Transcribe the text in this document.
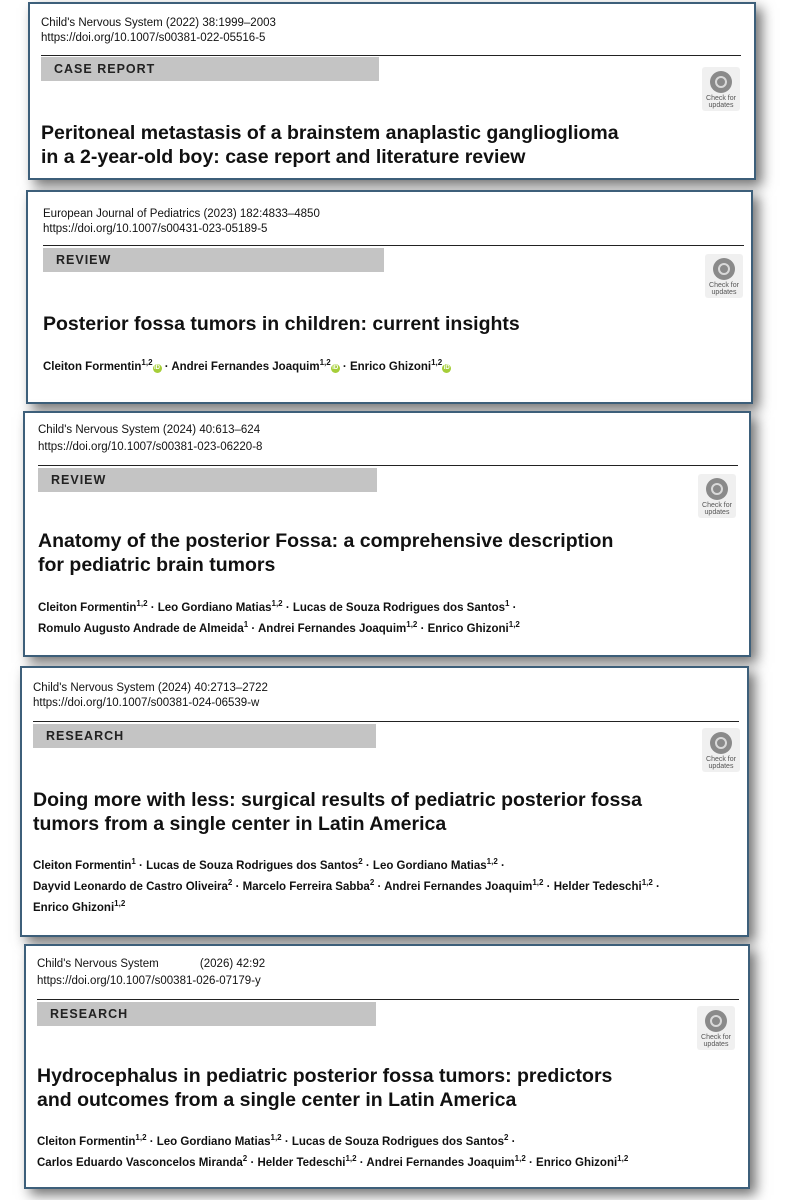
Child's Nervous System (2022) 38:1999–2003
https://doi.org/10.1007/s00381-022-05516-5
CASE REPORT
Check for updates
Peritoneal metastasis of a brainstem anaplastic ganglioglioma
in a 2-year-old boy: case report and literature review
European Journal of Pediatrics (2023) 182:4833–4850
https://doi.org/10.1007/s00431-023-05189-5
REVIEW
Check for updates
Posterior fossa tumors in children: current insights
Cleiton Formentin$^{1,2}$iD · Andrei Fernandes Joaquim$^{1,2}$iD · Enrico Ghizoni$^{1,2}$iD
Child's Nervous System (2024) 40:613–624
https://doi.org/10.1007/s00381-023-06220-8
REVIEW
Check for updates
Anatomy of the posterior Fossa: a comprehensive description
for pediatric brain tumors
Cleiton Formentin$^{1,2}$ · Leo Gordiano Matias$^{1,2}$ · Lucas de Souza Rodrigues dos Santos$^1$ ·
Romulo Augusto Andrade de Almeida$^1$ · Andrei Fernandes Joaquim$^{1,2}$ · Enrico Ghizoni$^{1,2}$
Child's Nervous System (2024) 40:2713–2722
https://doi.org/10.1007/s00381-024-06539-w
RESEARCH
Check for updates
Doing more with less: surgical results of pediatric posterior fossa
tumors from a single center in Latin America
Cleiton Formentin$^1$ · Lucas de Souza Rodrigues dos Santos$^2$ · Leo Gordiano Matias$^{1,2}$ ·
Dayvid Leonardo de Castro Oliveira$^2$ · Marcelo Ferreira Sabba$^2$ · Andrei Fernandes Joaquim$^{1,2}$ · Helder Tedeschi$^{1,2}$ ·
Enrico Ghizoni$^{1,2}$
Child's Nervous System	(2026) 42:92
https://doi.org/10.1007/s00381-026-07179-y
RESEARCH
Check for updates
Hydrocephalus in pediatric posterior fossa tumors: predictors
and outcomes from a single center in Latin America
Cleiton Formentin$^{1,2}$ · Leo Gordiano Matias$^{1,2}$ · Lucas de Souza Rodrigues dos Santos$^2$ ·
Carlos Eduardo Vasconcelos Miranda$^2$ · Helder Tedeschi$^{1,2}$ · Andrei Fernandes Joaquim$^{1,2}$ · Enrico Ghizoni$^{1,2}$
